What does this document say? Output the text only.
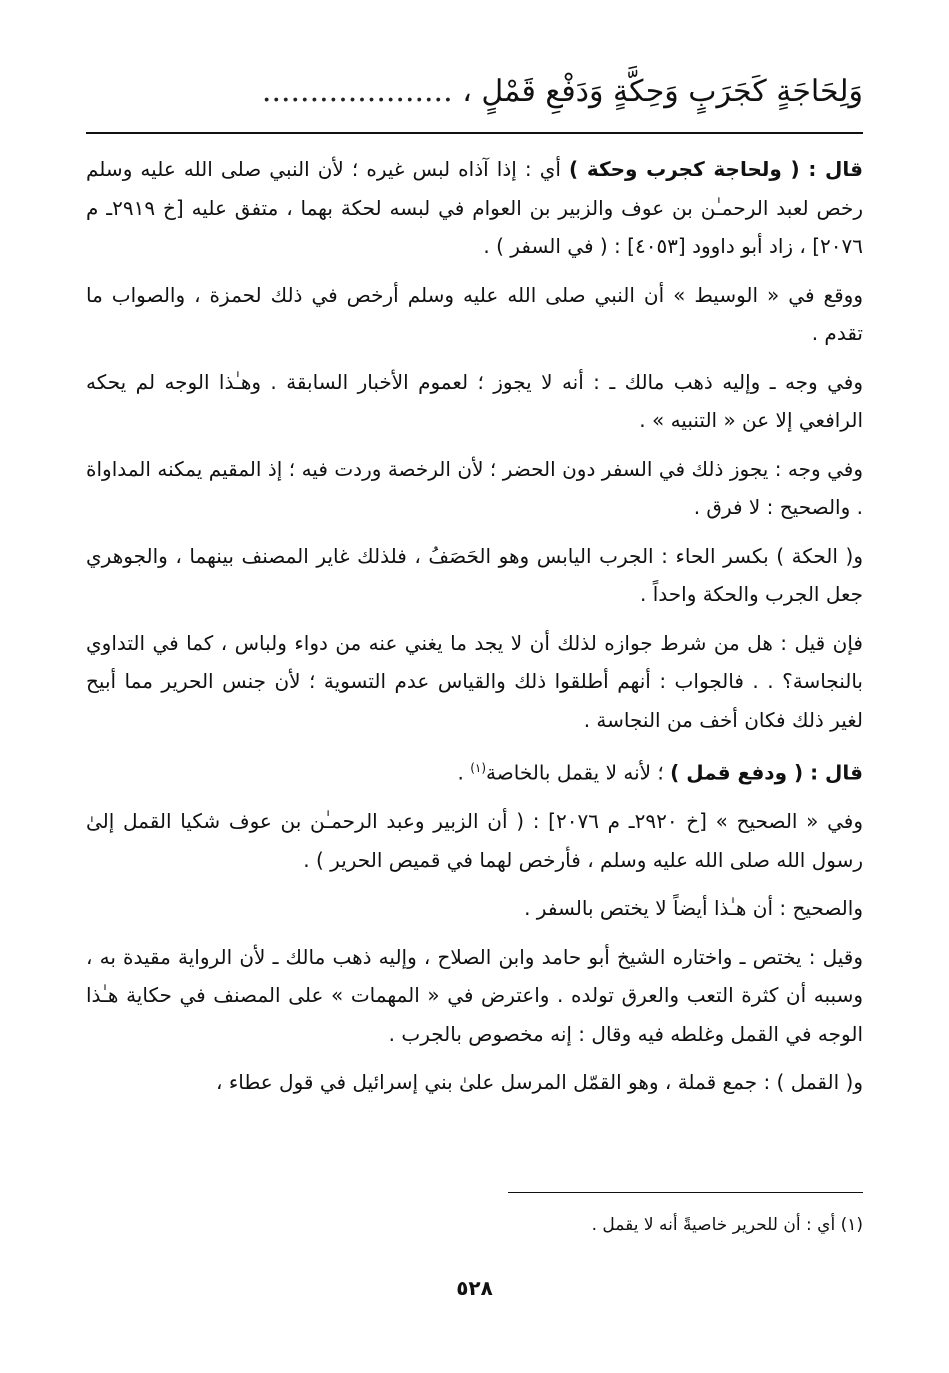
وَلِحَاجَةٍ كَجَرَبٍ وَحِكَّةٍ وَدَفْعِ قَمْلٍ ، ....................

قال : ( ولحاجة كجرب وحكة ) أي : إذا آذاه لبس غيره ؛ لأن النبي صلى الله عليه وسلم رخص لعبد الرحمـٰن بن عوف والزبير بن العوام في لبسه لحكة بهما ، متفق عليه [خ ٢٩١٩ـ م ٢٠٧٦] ، زاد أبو داوود [٤٠٥٣] : ( في السفر ) .

ووقع في « الوسيط » أن النبي صلى الله عليه وسلم أرخص في ذلك لحمزة ، والصواب ما تقدم .

وفي وجه ـ وإليه ذهب مالك ـ : أنه لا يجوز ؛ لعموم الأخبار السابقة . وهـٰذا الوجه لم يحكه الرافعي إلا عن « التنبيه » .

وفي وجه : يجوز ذلك في السفر دون الحضر ؛ لأن الرخصة وردت فيه ؛ إذ المقيم يمكنه المداواة . والصحيح : لا فرق .

و( الحكة ) بكسر الحاء : الجرب اليابس وهو الحَصَفُ ، فلذلك غاير المصنف بينهما ، والجوهري جعل الجرب والحكة واحداً .

فإن قيل : هل من شرط جوازه لذلك أن لا يجد ما يغني عنه من دواء ولباس ، كما في التداوي بالنجاسة؟ . . فالجواب : أنهم أطلقوا ذلك والقياس عدم التسوية ؛ لأن جنس الحرير مما أبيح لغير ذلك فكان أخف من النجاسة .

قال : ( ودفع قمل ) ؛ لأنه لا يقمل بالخاصة$^{(١)}$ .

وفي « الصحيح » [خ ٢٩٢٠ـ م ٢٠٧٦] : ( أن الزبير وعبد الرحمـٰن بن عوف شكيا القمل إلىٰ رسول الله صلى الله عليه وسلم ، فأرخص لهما في قميص الحرير ) .

والصحيح : أن هـٰذا أيضاً لا يختص بالسفر .

وقيل : يختص ـ واختاره الشيخ أبو حامد وابن الصلاح ، وإليه ذهب مالك ـ لأن الرواية مقيدة به ، وسببه أن كثرة التعب والعرق تولده . واعترض في « المهمات » على المصنف في حكاية هـٰذا الوجه في القمل وغلطه فيه وقال : إنه مخصوص بالجرب .

و( القمل ) : جمع قملة ، وهو القمّل المرسل علىٰ بني إسرائيل في قول عطاء ،

(١) أي : أن للحرير خاصيةً أنه لا يقمل .
٥٢٨
